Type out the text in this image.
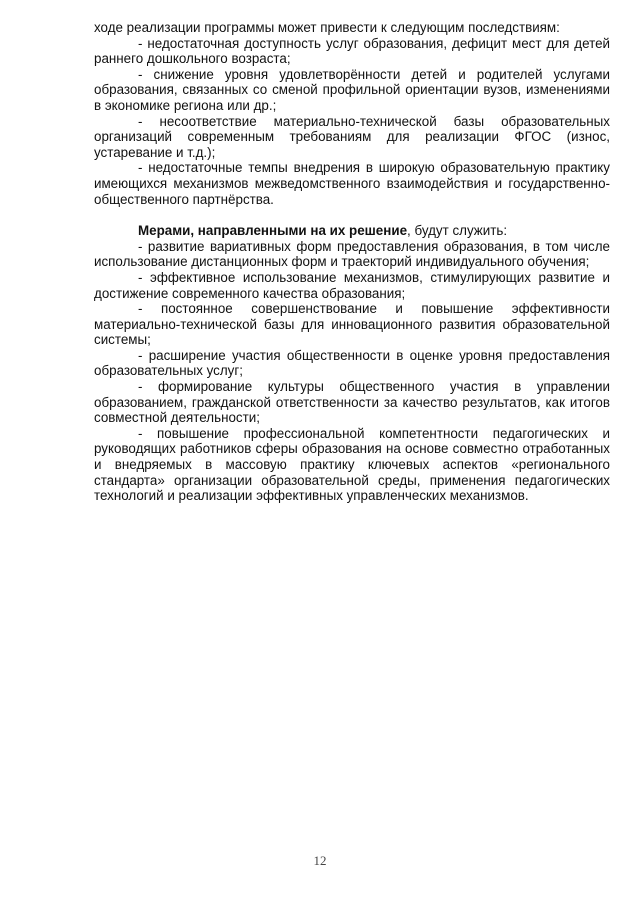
ходе реализации программы может привести к следующим последствиям:

- недостаточная доступность услуг образования, дефицит мест для детей раннего дошкольного возраста;

- снижение уровня удовлетворённости детей и родителей услугами образования, связанных со сменой профильной ориентации вузов, изменениями в экономике региона или др.;

- несоответствие материально-технической базы образовательных организаций современным требованиям для реализации ФГОС (износ, устаревание и т.д.);

- недостаточные темпы внедрения в широкую образовательную практику имеющихся механизмов межведомственного взаимодействия и государственно-общественного партнёрства.

Мерами, направленными на их решение, будут служить:

- развитие вариативных форм предоставления образования, в том числе использование дистанционных форм и траекторий индивидуального обучения;

- эффективное использование механизмов, стимулирующих развитие и достижение современного качества образования;

- постоянное совершенствование и повышение эффективности материально-технической базы для инновационного развития образовательной системы;

- расширение участия общественности в оценке уровня предоставления образовательных услуг;

- формирование культуры общественного участия в управлении образованием, гражданской ответственности за качество результатов, как итогов совместной деятельности;

- повышение профессиональной компетентности педагогических и руководящих работников сферы образования на основе совместно отработанных и внедряемых в массовую практику ключевых аспектов «регионального стандарта» организации образовательной среды, применения педагогических технологий и реализации эффективных управленческих механизмов.

12
